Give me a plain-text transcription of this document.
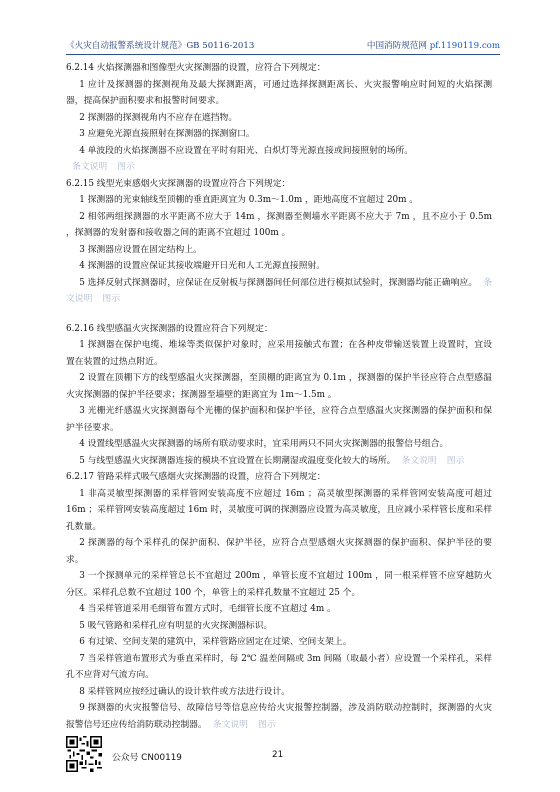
《火灾自动报警系统设计规范》GB 50116-2013	中国消防规范网 pf.1190119.com

6.2.14 火焰探测器和图像型火灾探测器的设置，应符合下列规定：

1 应计及探测器的探测视角及最大探测距离，可通过选择探测距离长、火灾报警响应时间短的火焰探测器，提高保护面积要求和报警时间要求。

2 探测器的探测视角内不应存在遮挡物。

3 应避免光源直接照射在探测器的探测窗口。

4 单波段的火焰探测器不应设置在平时有阳光、白炽灯等光源直接或间接照射的场所。

条文说明 图示

6.2.15 线型光束感烟火灾探测器的设置应符合下列规定：

1 探测器的光束轴线至顶棚的垂直距离宜为 0.3m～1.0m ，距地高度不宜超过 20m 。

2 相邻两组探测器的水平距离不应大于 14m ，探测器至侧墙水平距离不应大于 7m ，且不应小于 0.5m ，探测器的发射器和接收器之间的距离不宜超过 100m 。

3 探测器应设置在固定结构上。

4 探测器的设置应保证其接收端避开日光和人工光源直接照射。

5 选择反射式探测器时，应保证在反射板与探测器间任何部位进行模拟试验时，探测器均能正确响应。 条文说明 图示

6.2.16 线型感温火灾探测器的设置应符合下列规定：

1 探测器在保护电缆、堆垛等类似保护对象时，应采用接触式布置；在各种皮带输送装置上设置时，宜设置在装置的过热点附近。

2 设置在顶棚下方的线型感温火灾探测器，至顶棚的距离宜为 0.1m ，探测器的保护半径应符合点型感温火灾探测器的保护半径要求；探测器至墙壁的距离宜为 1m～1.5m 。

3 光栅光纤感温火灾探测器每个光栅的保护面积和保护半径，应符合点型感温火灾探测器的保护面积和保护半径要求。

4 设置线型感温火灾探测器的场所有联动要求时，宜采用两只不同火灾探测器的报警信号组合。

5 与线型感温火灾探测器连接的模块不宜设置在长期潮湿或温度变化较大的场所。 条文说明 图示

6.2.17 管路采样式吸气感烟火灾探测器的设置，应符合下列规定：

1 非高灵敏型探测器的采样管网安装高度不应超过 16m ；高灵敏型探测器的采样管网安装高度可超过 16m ；采样管网安装高度超过 16m 时，灵敏度可调的探测器应设置为高灵敏度，且应减小采样管长度和采样孔数量。

2 探测器的每个采样孔的保护面积、保护半径，应符合点型感烟火灾探测器的保护面积、保护半径的要求。

3 一个探测单元的采样管总长不宜超过 200m ，单管长度不宜超过 100m ，同一根采样管不应穿越防火分区。采样孔总数不宜超过 100 个，单管上的采样孔数量不宜超过 25 个。

4 当采样管道采用毛细管布置方式时，毛细管长度不宜超过 4m 。

5 吸气管路和采样孔应有明显的火灾探测器标识。

6 有过梁、空间支架的建筑中，采样管路应固定在过梁、空间支架上。

7 当采样管道布置形式为垂直采样时，每 2℃ 温差间隔或 3m 间隔（取最小者）应设置一个采样孔，采样孔不应背对气流方向。

8 采样管网应按经过确认的设计软件或方法进行设计。

9 探测器的火灾报警信号、故障信号等信息应传给火灾报警控制器，涉及消防联动控制时，探测器的火灾报警信号还应传给消防联动控制器。 条文说明 图示

公众号 CN00119	21
